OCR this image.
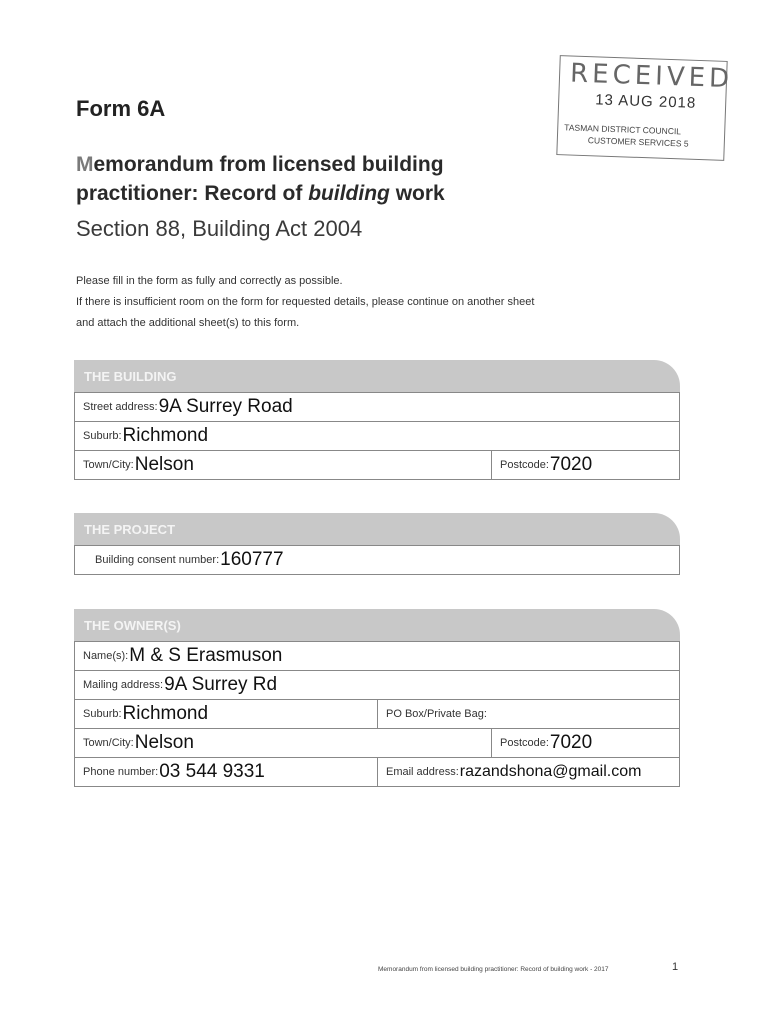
Form 6A
Memorandum from licensed building
practitioner: Record of building work
Section 88, Building Act 2004
Please fill in the form as fully and correctly as possible.
If there is insufficient room on the form for requested details, please continue on another sheet
and attach the additional sheet(s) to this form.
RECEIVED
13 AUG 2018
TASMAN DISTRICT COUNCIL
CUSTOMER SERVICES 5
THE BUILDING
Street address: 9A Surrey Road
Suburb: Richmond
Town/City: Nelson	Postcode: 7020
THE PROJECT
Building consent number: 160777
THE OWNER(S)
Name(s): M & S Erasmuson
Mailing address: 9A Surrey Rd
Suburb: Richmond	PO Box/Private Bag:
Town/City: Nelson	Postcode: 7020
Phone number: 03 544 9331	Email address: razandshona@gmail.com
Memorandum from licensed building practitioner: Record of building work - 2017	1
